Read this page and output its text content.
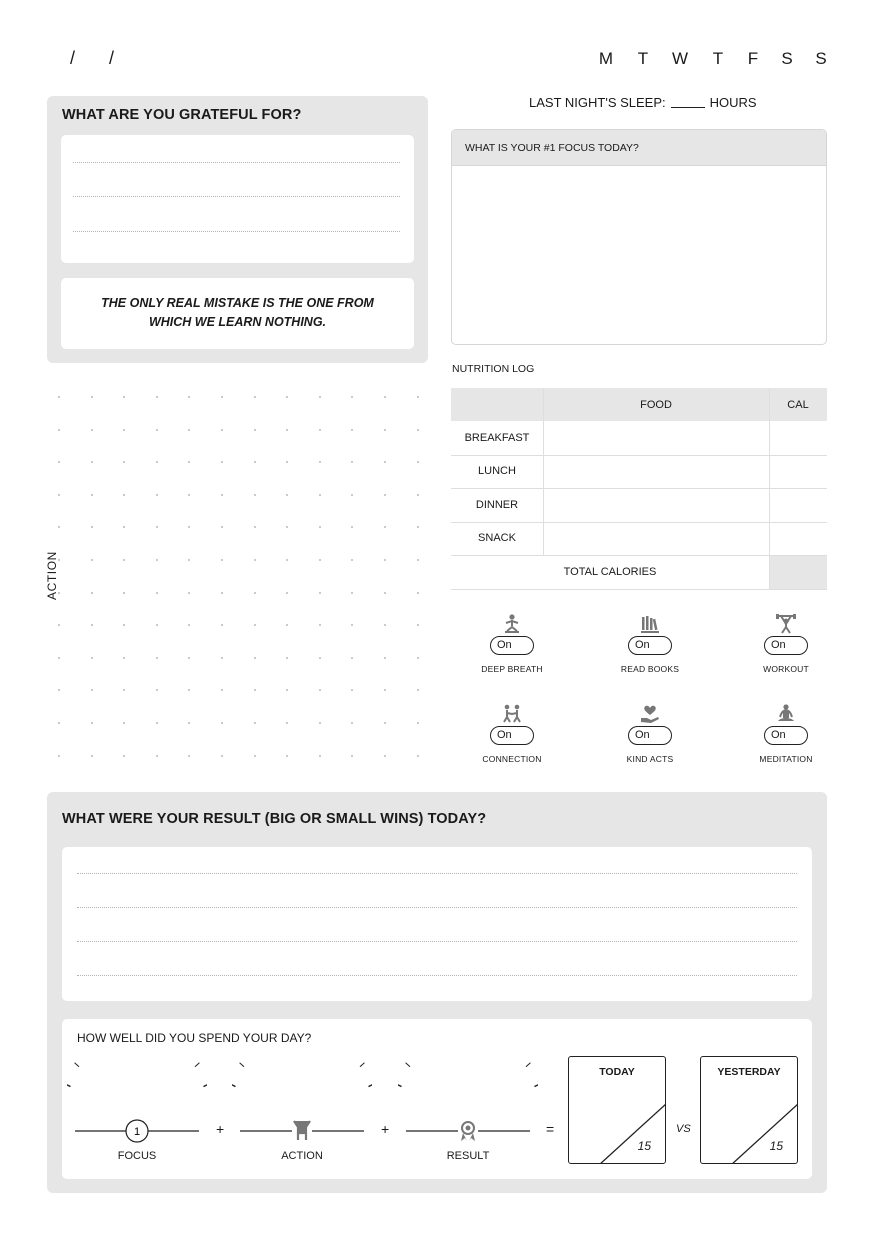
/ /	M T W T F S S
LAST NIGHT'S SLEEP:	HOURS
WHAT ARE YOU GRATEFUL FOR?
THE ONLY REAL MISTAKE IS THE ONE FROM
WHICH WE LEARN NOTHING.
WHAT IS YOUR #1 FOCUS TODAY?
ACTION
NUTRITION LOG
FOOD	CAL
BREAKFAST
LUNCH
DINNER
SNACK
TOTAL CALORIES
On
DEEP BREATH
On
READ BOOKS
On
WORKOUT
On
CONNECTION
On
KIND ACTS
On
MEDITATION
WHAT WERE YOUR RESULT (BIG OR SMALL WINS) TODAY?
HOW WELL DID YOU SPEND YOUR DAY?
1
FOCUS	ACTION	RESULT
+	+	=
TODAY
15
VS
YESTERDAY
15
